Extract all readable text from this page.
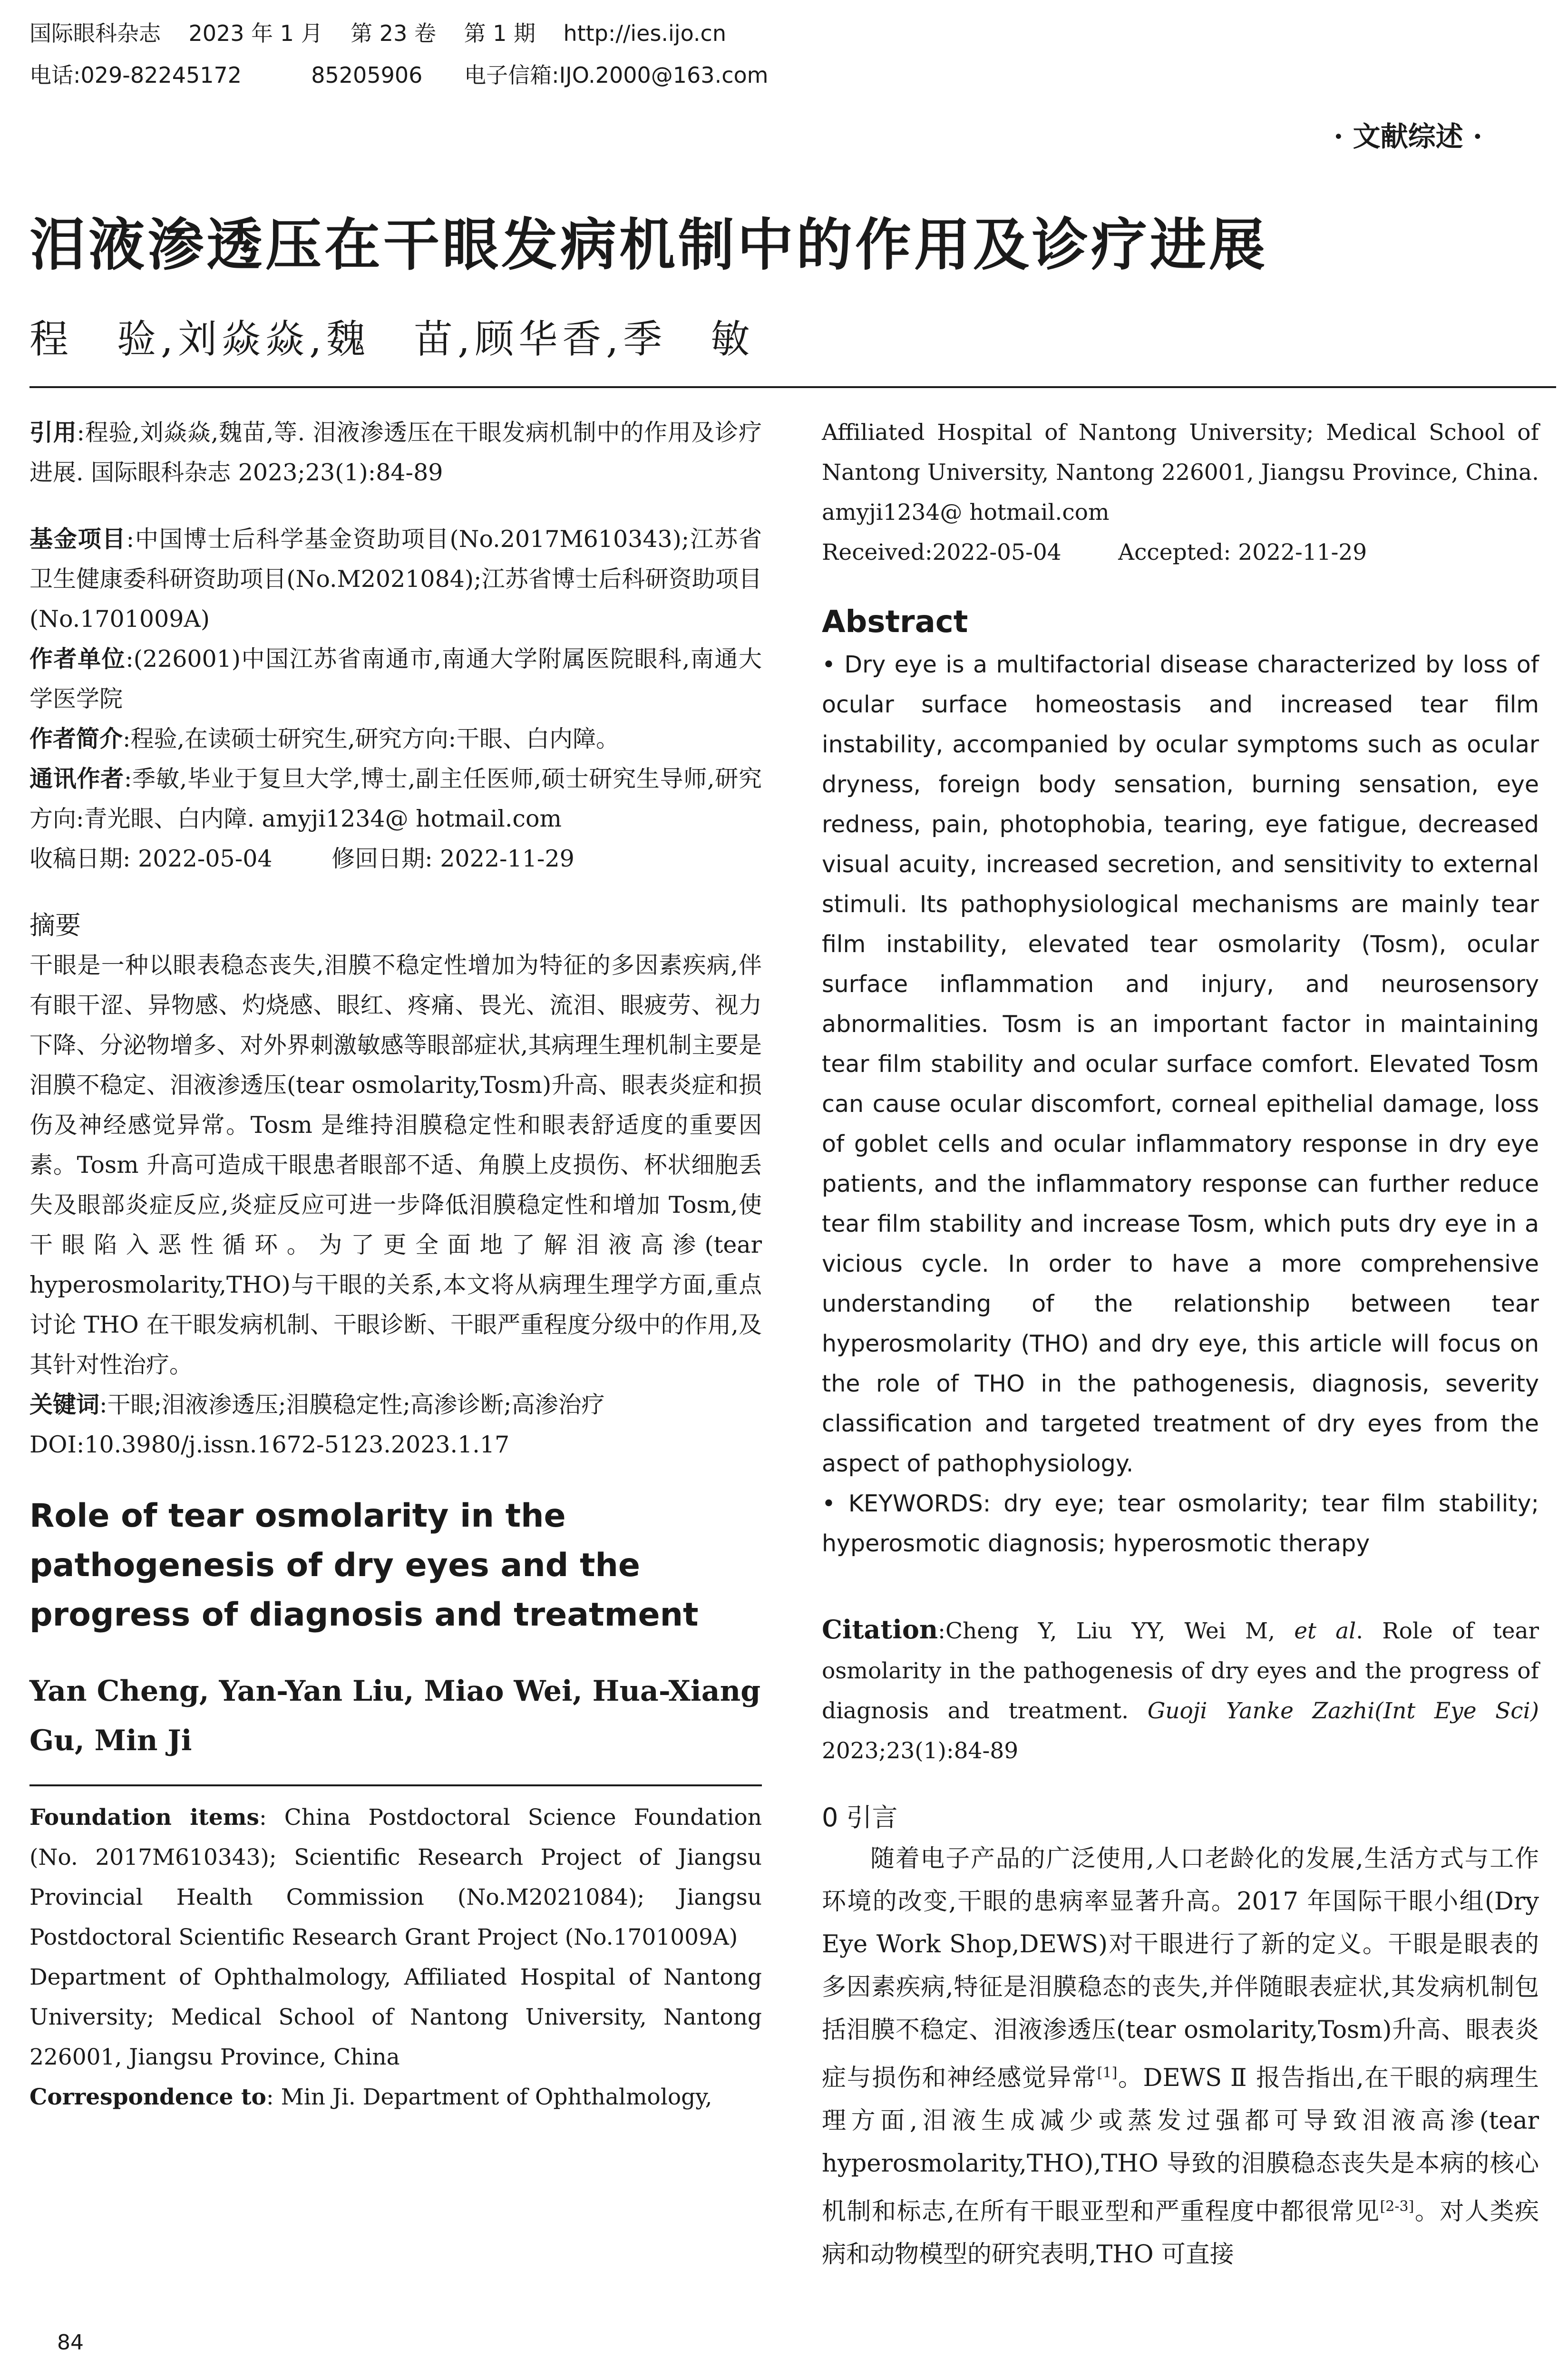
国际眼科杂志    2023 年 1 月    第 23 卷    第 1 期    http://ies.ijo.cn
电话:029-82245172          85205906      电子信箱:IJO.2000@163.com
· 文献综述 ·
泪液渗透压在干眼发病机制中的作用及诊疗进展
程　验,刘焱焱,魏　苗,顾华香,季　敏

引用:程验,刘焱焱,魏苗,等. 泪液渗透压在干眼发病机制中的作用及诊疗进展. 国际眼科杂志 2023;23(1):84-89

基金项目:中国博士后科学基金资助项目(No.2017M610343);江苏省卫生健康委科研资助项目(No.M2021084);江苏省博士后科研资助项目(No.1701009A)

作者单位:(226001)中国江苏省南通市,南通大学附属医院眼科,南通大学医学院

作者简介:程验,在读硕士研究生,研究方向:干眼、白内障。

通讯作者:季敏,毕业于复旦大学,博士,副主任医师,硕士研究生导师,研究方向:青光眼、白内障. amyji1234@ hotmail.com

收稿日期: 2022-05-04        修回日期: 2022-11-29

摘要

干眼是一种以眼表稳态丧失,泪膜不稳定性增加为特征的多因素疾病,伴有眼干涩、异物感、灼烧感、眼红、疼痛、畏光、流泪、眼疲劳、视力下降、分泌物增多、对外界刺激敏感等眼部症状,其病理生理机制主要是泪膜不稳定、泪液渗透压(tear osmolarity,Tosm)升高、眼表炎症和损伤及神经感觉异常。Tosm 是维持泪膜稳定性和眼表舒适度的重要因素。Tosm 升高可造成干眼患者眼部不适、角膜上皮损伤、杯状细胞丢失及眼部炎症反应,炎症反应可进一步降低泪膜稳定性和增加 Tosm,使干眼陷入恶性循环。为了更全面地了解泪液高渗(tear hyperosmolarity,THO)与干眼的关系,本文将从病理生理学方面,重点讨论 THO 在干眼发病机制、干眼诊断、干眼严重程度分级中的作用,及其针对性治疗。

关键词:干眼;泪液渗透压;泪膜稳定性;高渗诊断;高渗治疗

DOI:10.3980/j.issn.1672-5123.2023.1.17

Role of tear osmolarity in the pathogenesis of dry eyes and the progress of diagnosis and treatment

Yan Cheng, Yan-Yan Liu, Miao Wei, Hua-Xiang Gu, Min Ji

Foundation items: China Postdoctoral Science Foundation (No. 2017M610343); Scientific Research Project of Jiangsu Provincial Health Commission (No.M2021084); Jiangsu Postdoctoral Scientific Research Grant Project (No.1701009A)

Department of Ophthalmology, Affiliated Hospital of Nantong University; Medical School of Nantong University, Nantong 226001, Jiangsu Province, China

Correspondence to: Min Ji. Department of Ophthalmology,

Affiliated Hospital of Nantong University; Medical School of Nantong University, Nantong 226001, Jiangsu Province, China. amyji1234@ hotmail.com

Received:2022-05-04        Accepted: 2022-11-29

Abstract

• Dry eye is a multifactorial disease characterized by loss of ocular surface homeostasis and increased tear film instability, accompanied by ocular symptoms such as ocular dryness, foreign body sensation, burning sensation, eye redness, pain, photophobia, tearing, eye fatigue, decreased visual acuity, increased secretion, and sensitivity to external stimuli. Its pathophysiological mechanisms are mainly tear film instability, elevated tear osmolarity (Tosm), ocular surface inflammation and injury, and neurosensory abnormalities. Tosm is an important factor in maintaining tear film stability and ocular surface comfort. Elevated Tosm can cause ocular discomfort, corneal epithelial damage, loss of goblet cells and ocular inflammatory response in dry eye patients, and the inflammatory response can further reduce tear film stability and increase Tosm, which puts dry eye in a vicious cycle. In order to have a more comprehensive understanding of the relationship between tear hyperosmolarity (THO) and dry eye, this article will focus on the role of THO in the pathogenesis, diagnosis, severity classification and targeted treatment of dry eyes from the aspect of pathophysiology.

• KEYWORDS: dry eye; tear osmolarity; tear film stability; hyperosmotic diagnosis; hyperosmotic therapy

Citation:Cheng Y, Liu YY, Wei M, et al. Role of tear osmolarity in the pathogenesis of dry eyes and the progress of diagnosis and treatment. Guoji Yanke Zazhi(Int Eye Sci) 2023;23(1):84-89

0 引言

随着电子产品的广泛使用,人口老龄化的发展,生活方式与工作环境的改变,干眼的患病率显著升高。2017 年国际干眼小组(Dry Eye Work Shop,DEWS)对干眼进行了新的定义。干眼是眼表的多因素疾病,特征是泪膜稳态的丧失,并伴随眼表症状,其发病机制包括泪膜不稳定、泪液渗透压(tear osmolarity,Tosm)升高、眼表炎症与损伤和神经感觉异常[1]。DEWS Ⅱ 报告指出,在干眼的病理生理方面,泪液生成减少或蒸发过强都可导致泪液高渗(tear hyperosmolarity,THO),THO 导致的泪膜稳态丧失是本病的核心机制和标志,在所有干眼亚型和严重程度中都很常见[2-3]。对人类疾病和动物模型的研究表明,THO 可直接

84
